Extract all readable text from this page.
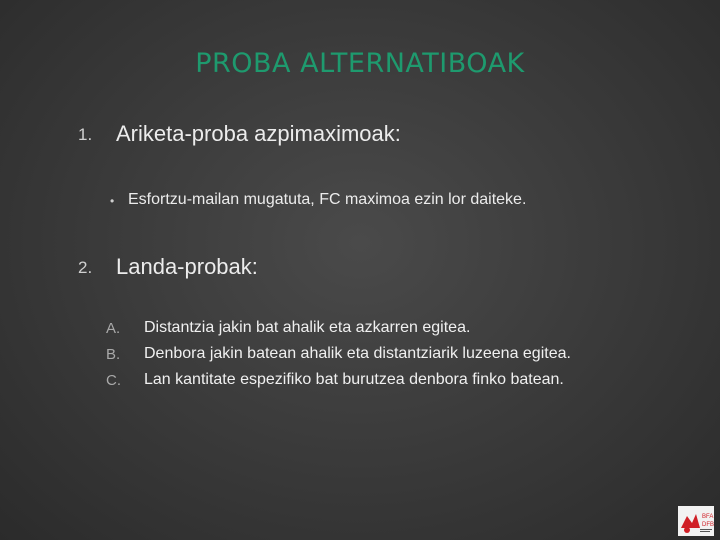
PROBA ALTERNATIBOAK
1. Ariketa-proba azpimaximoak:
• Esfortzu-mailan mugatuta, FC maximoa ezin lor daiteke.
2. Landa-probak:
A. Distantzia jakin bat ahalik eta azkarren egitea.
B. Denbora jakin batean ahalik eta distantziarik luzeena egitea.
C. Lan kantitate espezifiko bat burutzea denbora finko batean.
BFA
DFB
